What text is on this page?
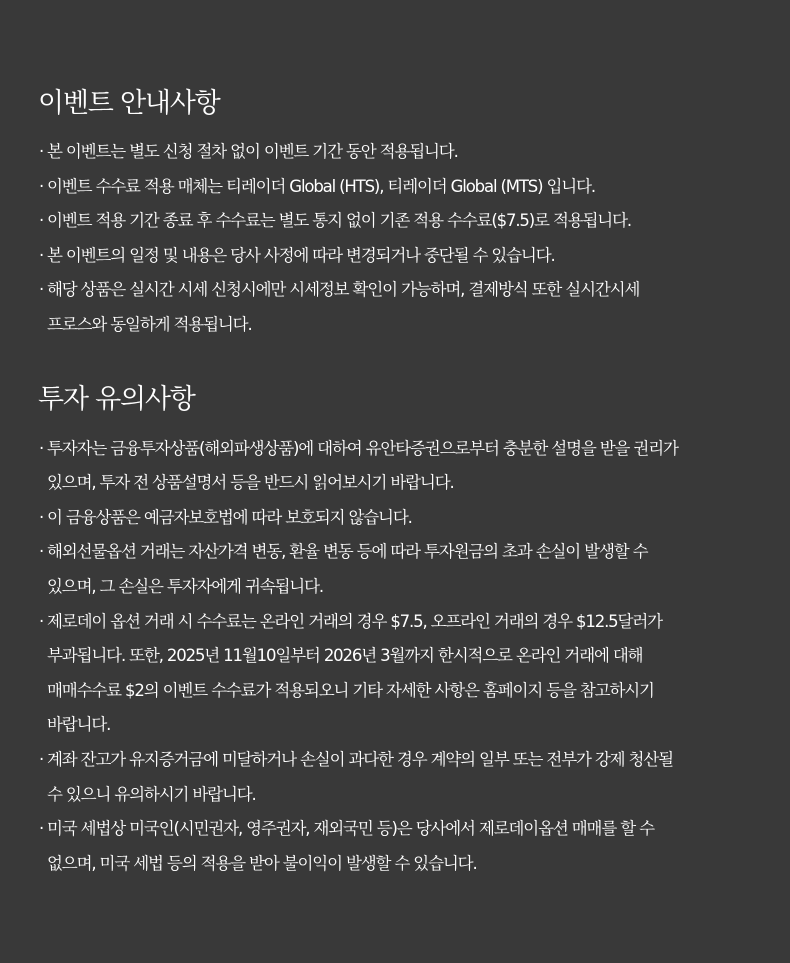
이벤트 안내사항
· 본 이벤트는 별도 신청 절차 없이 이벤트 기간 동안 적용됩니다.
· 이벤트 수수료 적용 매체는 티레이더 Global (HTS), 티레이더 Global (MTS) 입니다.
· 이벤트 적용 기간 종료 후 수수료는 별도 통지 없이 기존 적용 수수료($7.5)로 적용됩니다.
· 본 이벤트의 일정 및 내용은 당사 사정에 따라 변경되거나 중단될 수 있습니다.
· 해당 상품은 실시간 시세 신청시에만 시세정보 확인이 가능하며, 결제방식 또한 실시간시세
프로스와 동일하게 적용됩니다.
투자 유의사항
· 투자자는 금융투자상품(해외파생상품)에 대하여 유안타증권으로부터 충분한 설명을 받을 권리가
있으며, 투자 전 상품설명서 등을 반드시 읽어보시기 바랍니다.
· 이 금융상품은 예금자보호법에 따라 보호되지 않습니다.
· 해외선물옵션 거래는 자산가격 변동, 환율 변동 등에 따라 투자원금의 초과 손실이 발생할 수
있으며, 그 손실은 투자자에게 귀속됩니다.
· 제로데이 옵션 거래 시 수수료는 온라인 거래의 경우 $7.5, 오프라인 거래의 경우 $12.5달러가
부과됩니다. 또한, 2025년 11월10일부터 2026년 3월까지 한시적으로 온라인 거래에 대해
매매수수료 $2의 이벤트 수수료가 적용되오니 기타 자세한 사항은 홈페이지 등을 참고하시기
바랍니다.
· 계좌 잔고가 유지증거금에 미달하거나 손실이 과다한 경우 계약의 일부 또는 전부가 강제 청산될
수 있으니 유의하시기 바랍니다.
· 미국 세법상 미국인(시민권자, 영주권자, 재외국민 등)은 당사에서 제로데이옵션 매매를 할 수
없으며, 미국 세법 등의 적용을 받아 불이익이 발생할 수 있습니다.
